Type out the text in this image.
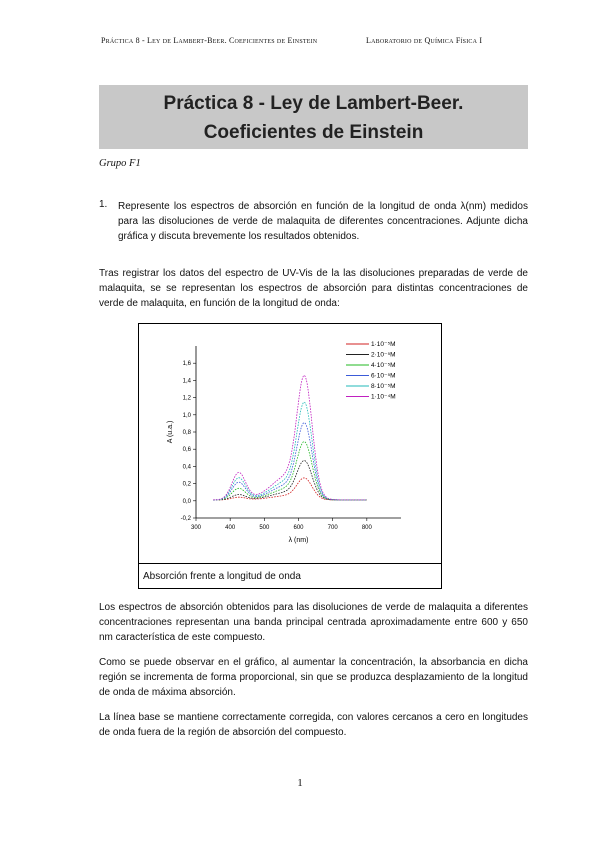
Práctica 8 - Ley de Lambert-Beer. Coeficientes de Einstein	Laboratorio de Química Física I
Práctica 8 - Ley de Lambert-Beer.
Coeficientes de Einstein
Grupo F1
1. Represente los espectros de absorción en función de la longitud de onda λ(nm) medidos para las disoluciones de verde de malaquita de diferentes concentraciones. Adjunte dicha gráfica y discuta brevemente los resultados obtenidos.
Tras registrar los datos del espectro de UV-Vis de la las disoluciones preparadas de verde de malaquita, se se representan los espectros de absorción para distintas concentraciones de verde de malaquita, en función de la longitud de onda:
300	400	500	600	700	800
-0,2
0,0
0,2
0,4
0,6
0,8
1,0
1,2
1,4
1,6
λ (nm)
A (u.a.)
1·10⁻⁵M
2·10⁻⁵M
4·10⁻⁵M
6·10⁻⁵M
8·10⁻⁵M
1·10⁻⁴M
Absorción frente a longitud de onda
Los espectros de absorción obtenidos para las disoluciones de verde de malaquita a diferentes concentraciones representan una banda principal centrada aproximadamente entre 600 y 650 nm característica de este compuesto.
Como se puede observar en el gráfico, al aumentar la concentración, la absorbancia en dicha región se incrementa de forma proporcional, sin que se produzca desplazamiento de la longitud de onda de máxima absorción.
La línea base se mantiene correctamente corregida, con valores cercanos a cero en longitudes de onda fuera de la región de absorción del compuesto.
1
